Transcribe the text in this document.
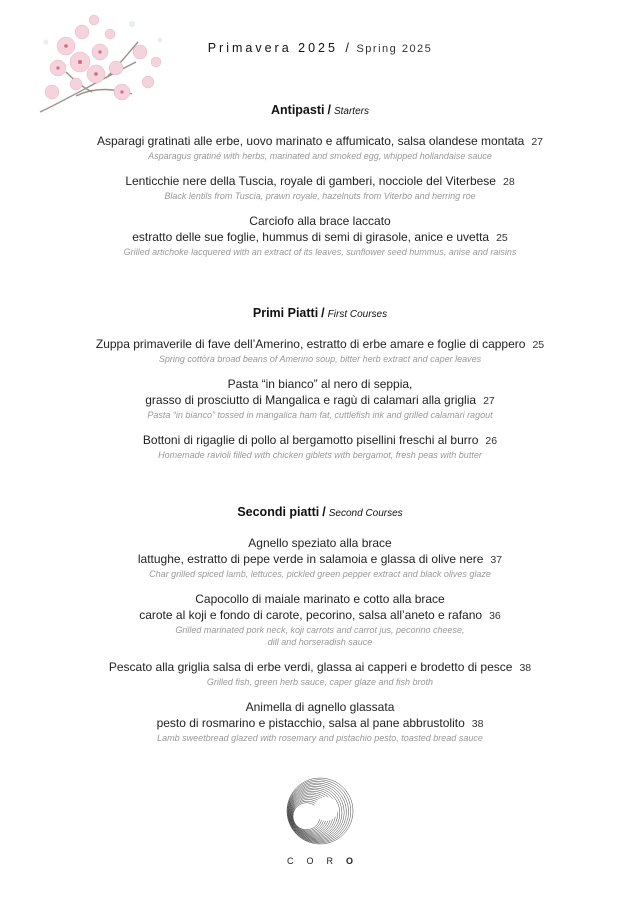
Primavera 2025 / Spring 2025
Antipasti / Starters
Asparagi gratinati alle erbe, uovo marinato e affumicato, salsa olandese montata 27
Asparagus gratiné with herbs, marinated and smoked egg, whipped hollandaise sauce
Lenticchie nere della Tuscia, royale di gamberi, nocciole del Viterbese 28
Black lentils from Tuscia, prawn royale, hazelnuts from Viterbo and herring roe
Carciofo alla brace laccato
estratto delle sue foglie, hummus di semi di girasole, anice e uvetta 25
Grilled artichoke lacquered with an extract of its leaves, sunflower seed hummus, anise and raisins
Primi Piatti / First Courses
Zuppa primaverile di fave dell’Amerino, estratto di erbe amare e foglie di cappero 25
Spring cottòra broad beans of Amerino soup, bitter herb extract and caper leaves
Pasta “in bianco” al nero di seppia,
grasso di prosciutto di Mangalica e ragù di calamari alla griglia 27
Pasta “in bianco” tossed in mangalica ham fat, cuttlefish ink and grilled calamari ragout
Bottoni di rigaglie di pollo al bergamotto pisellini freschi al burro 26
Homemade ravioli filled with chicken giblets with bergamot, fresh peas with butter
Secondi piatti / Second Courses
Agnello speziato alla brace
lattughe, estratto di pepe verde in salamoia e glassa di olive nere 37
Char grilled spiced lamb, lettuces, pickled green pepper extract and black olives glaze
Capocollo di maiale marinato e cotto alla brace
carote al koji e fondo di carote, pecorino, salsa all’aneto e rafano 36
Grilled marinated pork neck, koji carrots and carrot jus, pecorino cheese,
dill and horseradish sauce
Pescato alla griglia salsa di erbe verdi, glassa ai capperi e brodetto di pesce 38
Grilled fish, green herb sauce, caper glaze and fish broth
Animella di agnello glassata
pesto di rosmarino e pistacchio, salsa al pane abbrustolito 38
Lamb sweetbread glazed with rosemary and pistachio pesto, toasted bread sauce
CORO
